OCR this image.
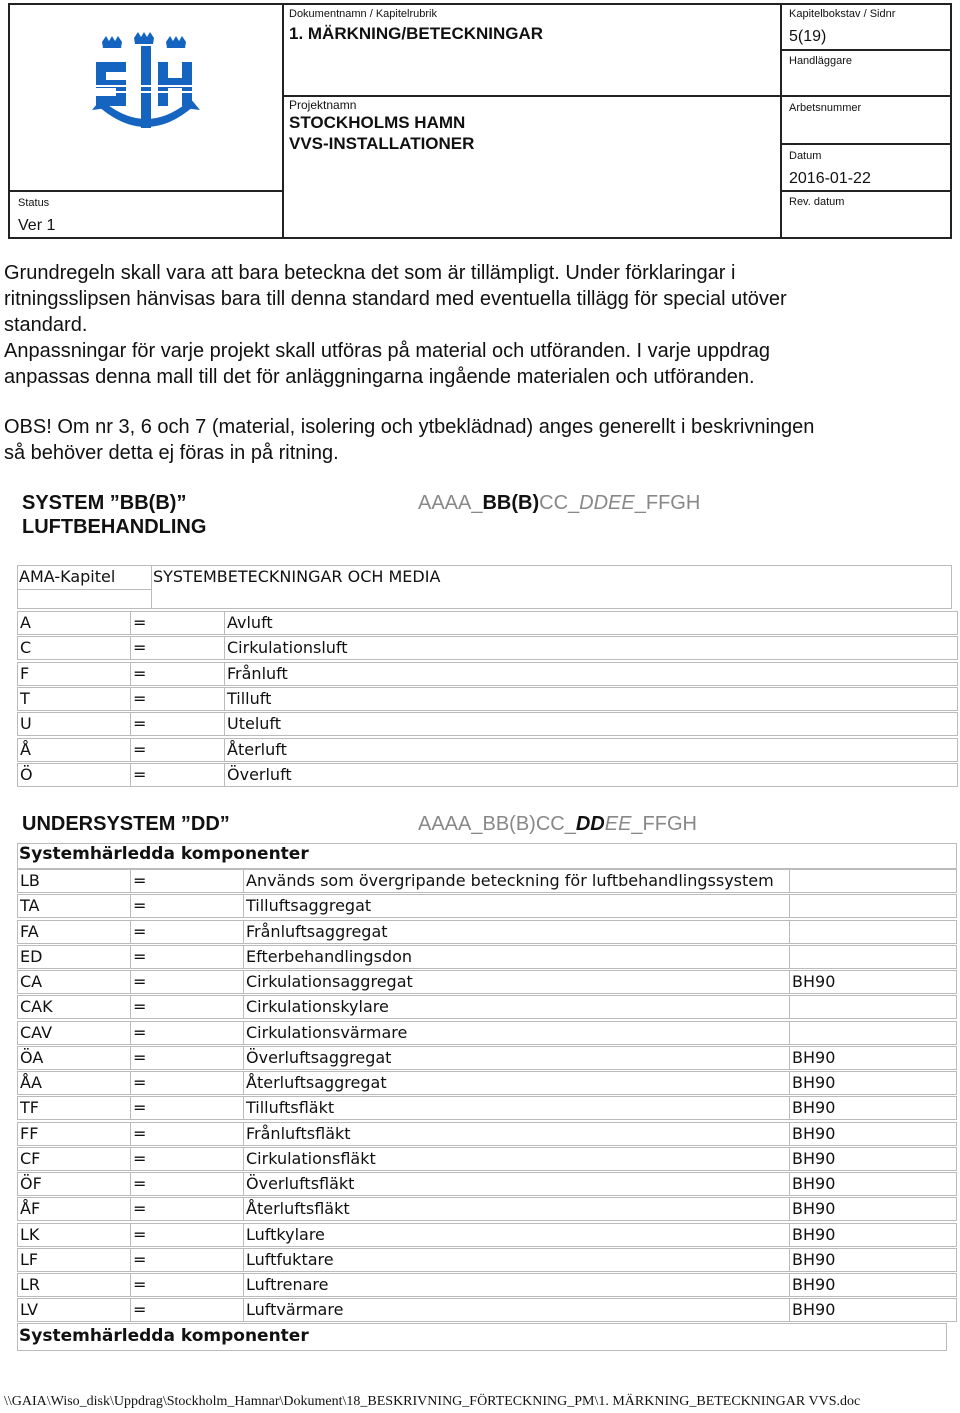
Status
Ver 1
Dokumentnamn / Kapitelrubrik
1. MÄRKNING/BETECKNINGAR
Projektnamn
STOCKHOLMS HAMN
VVS-INSTALLATIONER
Kapitelbokstav / Sidnr
5(19)
Handläggare
Arbetsnummer
Datum
2016-01-22
Rev. datum
Grundregeln skall vara att bara beteckna det som är tillämpligt. Under förklaringar i
ritningsslipsen hänvisas bara till denna standard med eventuella tillägg för special utöver
standard.
Anpassningar för varje projekt skall utföras på material och utföranden. I varje uppdrag
anpassas denna mall till det för anläggningarna ingående materialen och utföranden.
OBS! Om nr 3, 6 och 7 (material, isolering och ytbeklädnad) anges generellt i beskrivningen
så behöver detta ej föras in på ritning.
SYSTEM ”BB(B)”
LUFTBEHANDLING
AAAA_BB(B)CC_DDEE_FFGH
AMA-Kapitel SYSTEMBETECKNINGAR OCH MEDIA
A	=	Avluft
C	=	Cirkulationsluft
F	=	Frånluft
T	=	Tilluft
U	=	Uteluft
Å	=	Återluft
Ö	=	Överluft
UNDERSYSTEM ”DD”	AAAA_BB(B)CC_DDEE_FFGH
Systemhärledda komponenter
LB	=	Används som övergripande beteckning för luftbehandlingssystem
TA	=	Tilluftsaggregat
FA	=	Frånluftsaggregat
ED	=	Efterbehandlingsdon
CA	=	Cirkulationsaggregat	BH90
CAK	=	Cirkulationskylare
CAV	=	Cirkulationsvärmare
ÖA	=	Överluftsaggregat	BH90
ÅA	=	Återluftsaggregat	BH90
TF	=	Tilluftsfläkt	BH90
FF	=	Frånluftsfläkt	BH90
CF	=	Cirkulationsfläkt	BH90
ÖF	=	Överluftsfläkt	BH90
ÅF	=	Återluftsfläkt	BH90
LK	=	Luftkylare	BH90
LF	=	Luftfuktare	BH90
LR	=	Luftrenare	BH90
LV	=	Luftvärmare	BH90
Systemhärledda komponenter
\\GAIA\Wiso_disk\Uppdrag\Stockholm_Hamnar\Dokument\18_BESKRIVNING_FÖRTECKNING_PM\1. MÄRKNING_BETECKNINGAR VVS.doc
